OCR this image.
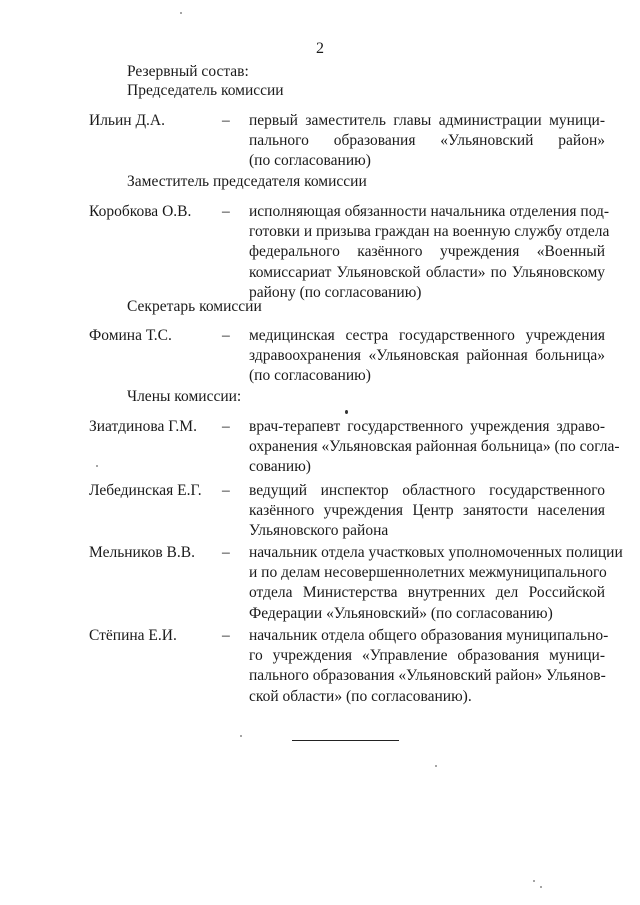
2
Резервный состав:
Председатель комиссии
Ильин Д.А.	– первый заместитель главы администрации муници-
пального образования «Ульяновский район»
(по согласованию)
Заместитель председателя комиссии
Коробкова О.В. – исполняющая обязанности начальника отделения под-
готовки и призыва граждан на военную службу отдела
федерального казённого учреждения «Военный
комиссариат Ульяновской области» по Ульяновскому
району (по согласованию)
Секретарь комиссии
Фомина Т.С.	– медицинская сестра государственного учреждения
здравоохранения «Ульяновская районная больница»
(по согласованию)
Члены комиссии:
Зиатдинова Г.М. – врач-терапевт государственного учреждения здраво-
охранения «Ульяновская районная больница» (по согла-
сованию)
Лебединская Е.Г. – ведущий инспектор областного государственного
казённого учреждения Центр занятости населения
Ульяновского района
Мельников В.В. – начальник отдела участковых уполномоченных полиции
и по делам несовершеннолетних межмуниципального
отдела Министерства внутренних дел Российской
Федерации «Ульяновский» (по согласованию)
Стёпина Е.И.	– начальник отдела общего образования муниципально-
го учреждения «Управление образования муници-
пального образования «Ульяновский район» Ульянов-
ской области» (по согласованию).
